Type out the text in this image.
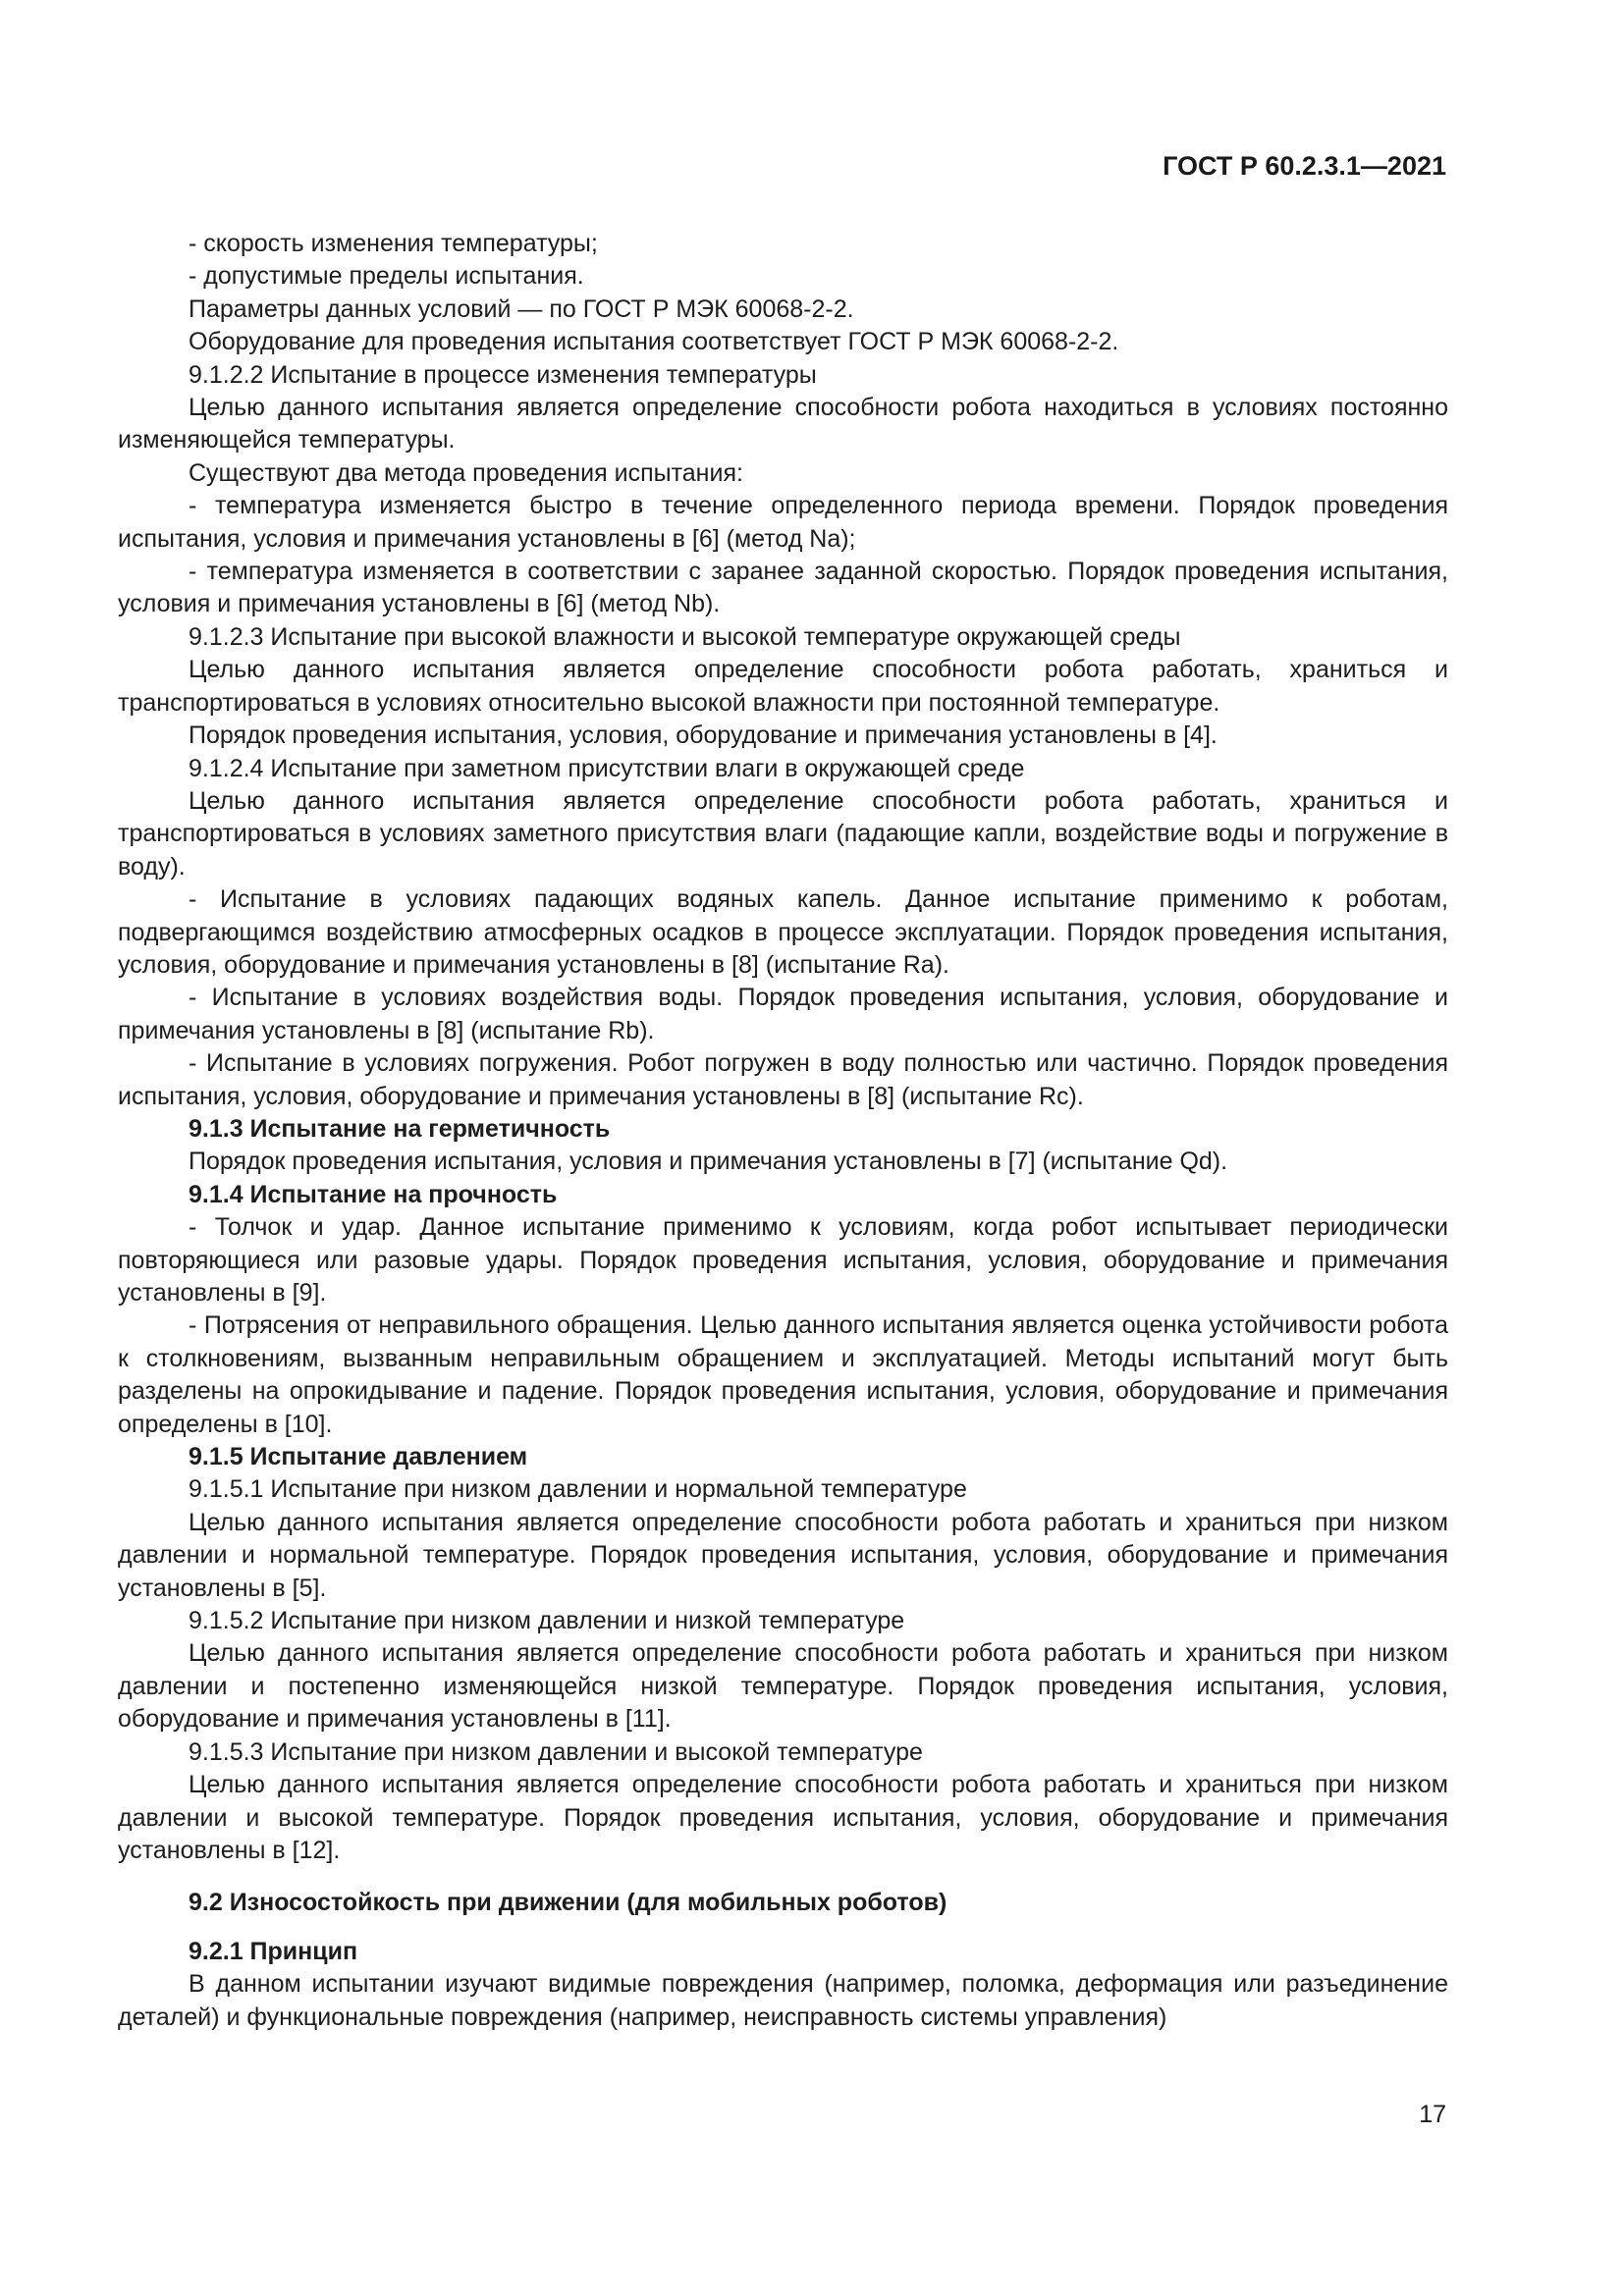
ГОСТ Р 60.2.3.1—2021

- скорость изменения температуры;

- допустимые пределы испытания.

Параметры данных условий — по ГОСТ Р МЭК 60068-2-2.

Оборудование для проведения испытания соответствует ГОСТ Р МЭК 60068-2-2.

9.1.2.2 Испытание в процессе изменения температуры

Целью данного испытания является определение способности робота находиться в условиях постоянно изменяющейся температуры.

Существуют два метода проведения испытания:

- температура изменяется быстро в течение определенного периода времени. Порядок проведения испытания, условия и примечания установлены в [6] (метод Na);

- температура изменяется в соответствии с заранее заданной скоростью. Порядок проведения испытания, условия и примечания установлены в [6] (метод Nb).

9.1.2.3 Испытание при высокой влажности и высокой температуре окружающей среды

Целью данного испытания является определение способности робота работать, храниться и транспортироваться в условиях относительно высокой влажности при постоянной температуре.

Порядок проведения испытания, условия, оборудование и примечания установлены в [4].

9.1.2.4 Испытание при заметном присутствии влаги в окружающей среде

Целью данного испытания является определение способности робота работать, храниться и транспортироваться в условиях заметного присутствия влаги (падающие капли, воздействие воды и погружение в воду).

- Испытание в условиях падающих водяных капель. Данное испытание применимо к роботам, подвергающимся воздействию атмосферных осадков в процессе эксплуатации. Порядок проведения испытания, условия, оборудование и примечания установлены в [8] (испытание Ra).

- Испытание в условиях воздействия воды. Порядок проведения испытания, условия, оборудование и примечания установлены в [8] (испытание Rb).

- Испытание в условиях погружения. Робот погружен в воду полностью или частично. Порядок проведения испытания, условия, оборудование и примечания установлены в [8] (испытание Rc).

9.1.3 Испытание на герметичность

Порядок проведения испытания, условия и примечания установлены в [7] (испытание Qd).

9.1.4 Испытание на прочность

- Толчок и удар. Данное испытание применимо к условиям, когда робот испытывает периодически повторяющиеся или разовые удары. Порядок проведения испытания, условия, оборудование и примечания установлены в [9].

- Потрясения от неправильного обращения. Целью данного испытания является оценка устойчивости робота к столкновениям, вызванным неправильным обращением и эксплуатацией. Методы испытаний могут быть разделены на опрокидывание и падение. Порядок проведения испытания, условия, оборудование и примечания определены в [10].

9.1.5 Испытание давлением

9.1.5.1 Испытание при низком давлении и нормальной температуре

Целью данного испытания является определение способности робота работать и храниться при низком давлении и нормальной температуре. Порядок проведения испытания, условия, оборудование и примечания установлены в [5].

9.1.5.2 Испытание при низком давлении и низкой температуре

Целью данного испытания является определение способности робота работать и храниться при низком давлении и постепенно изменяющейся низкой температуре. Порядок проведения испытания, условия, оборудование и примечания установлены в [11].

9.1.5.3 Испытание при низком давлении и высокой температуре

Целью данного испытания является определение способности робота работать и храниться при низком давлении и высокой температуре. Порядок проведения испытания, условия, оборудование и примечания установлены в [12].

9.2 Износостойкость при движении (для мобильных роботов)

9.2.1 Принцип

В данном испытании изучают видимые повреждения (например, поломка, деформация или разъединение деталей) и функциональные повреждения (например, неисправность системы управления)

17
